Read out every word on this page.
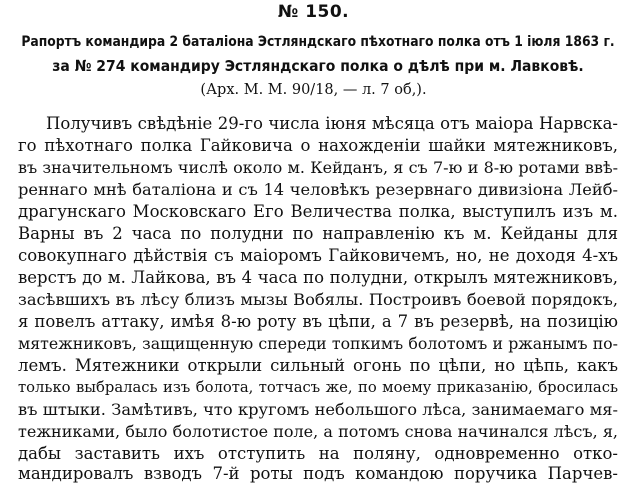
№ 150.
Рапортъ командира 2 баталіона Эстляндскаго пѣхотнаго полка отъ 1 іюля 1863 г.
за № 274 командиру Эстляндскаго полка о дѣлѣ при м. Лавковѣ.
(Арх. М. М. 90/18, — л. 7 об,).
Получивъ свѣдѣніе 29-го числа іюня мѣсяца отъ маіора Нарвска-
го пѣхотнаго полка Гайковича о нахожденіи шайки мятежниковъ,
въ значительномъ числѣ около м. Кейданъ, я съ 7-ю и 8-ю ротами ввѣ-
реннаго мнѣ баталіона и съ 14 человѣкъ резервнаго дивизіона Лейб-
драгунскаго Московскаго Его Величества полка, выступилъ изъ м.
Варны въ 2 часа по полудни по направленію къ м. Кейданы для
совокупнаго дѣйствія съ маіоромъ Гайковичемъ, но, не доходя 4-хъ
верстъ до м. Лайкова, въ 4 часа по полудни, открылъ мятежниковъ,
засѣвшихъ въ лѣсу близъ мызы Вобялы. Построивъ боевой порядокъ,
я повелъ аттаку, имѣя 8-ю роту въ цѣпи, а 7 въ резервѣ, на позицію
мятежниковъ, защищенную спереди топкимъ болотомъ и ржанымъ по-
лемъ. Мятежники открыли сильный огонь по цѣпи, но цѣпь, какъ
только выбралась изъ болота, тотчасъ же, по моему приказанію, бросилась
въ штыки. Замѣтивъ, что кругомъ небольшого лѣса, занимаемаго мя-
тежниками, было болотистое поле, а потомъ снова начинался лѣсъ, я,
дабы заставить ихъ отступить на поляну, одновременно отко-
мандировалъ взводъ 7-й роты подъ командою поручика Парчев-
